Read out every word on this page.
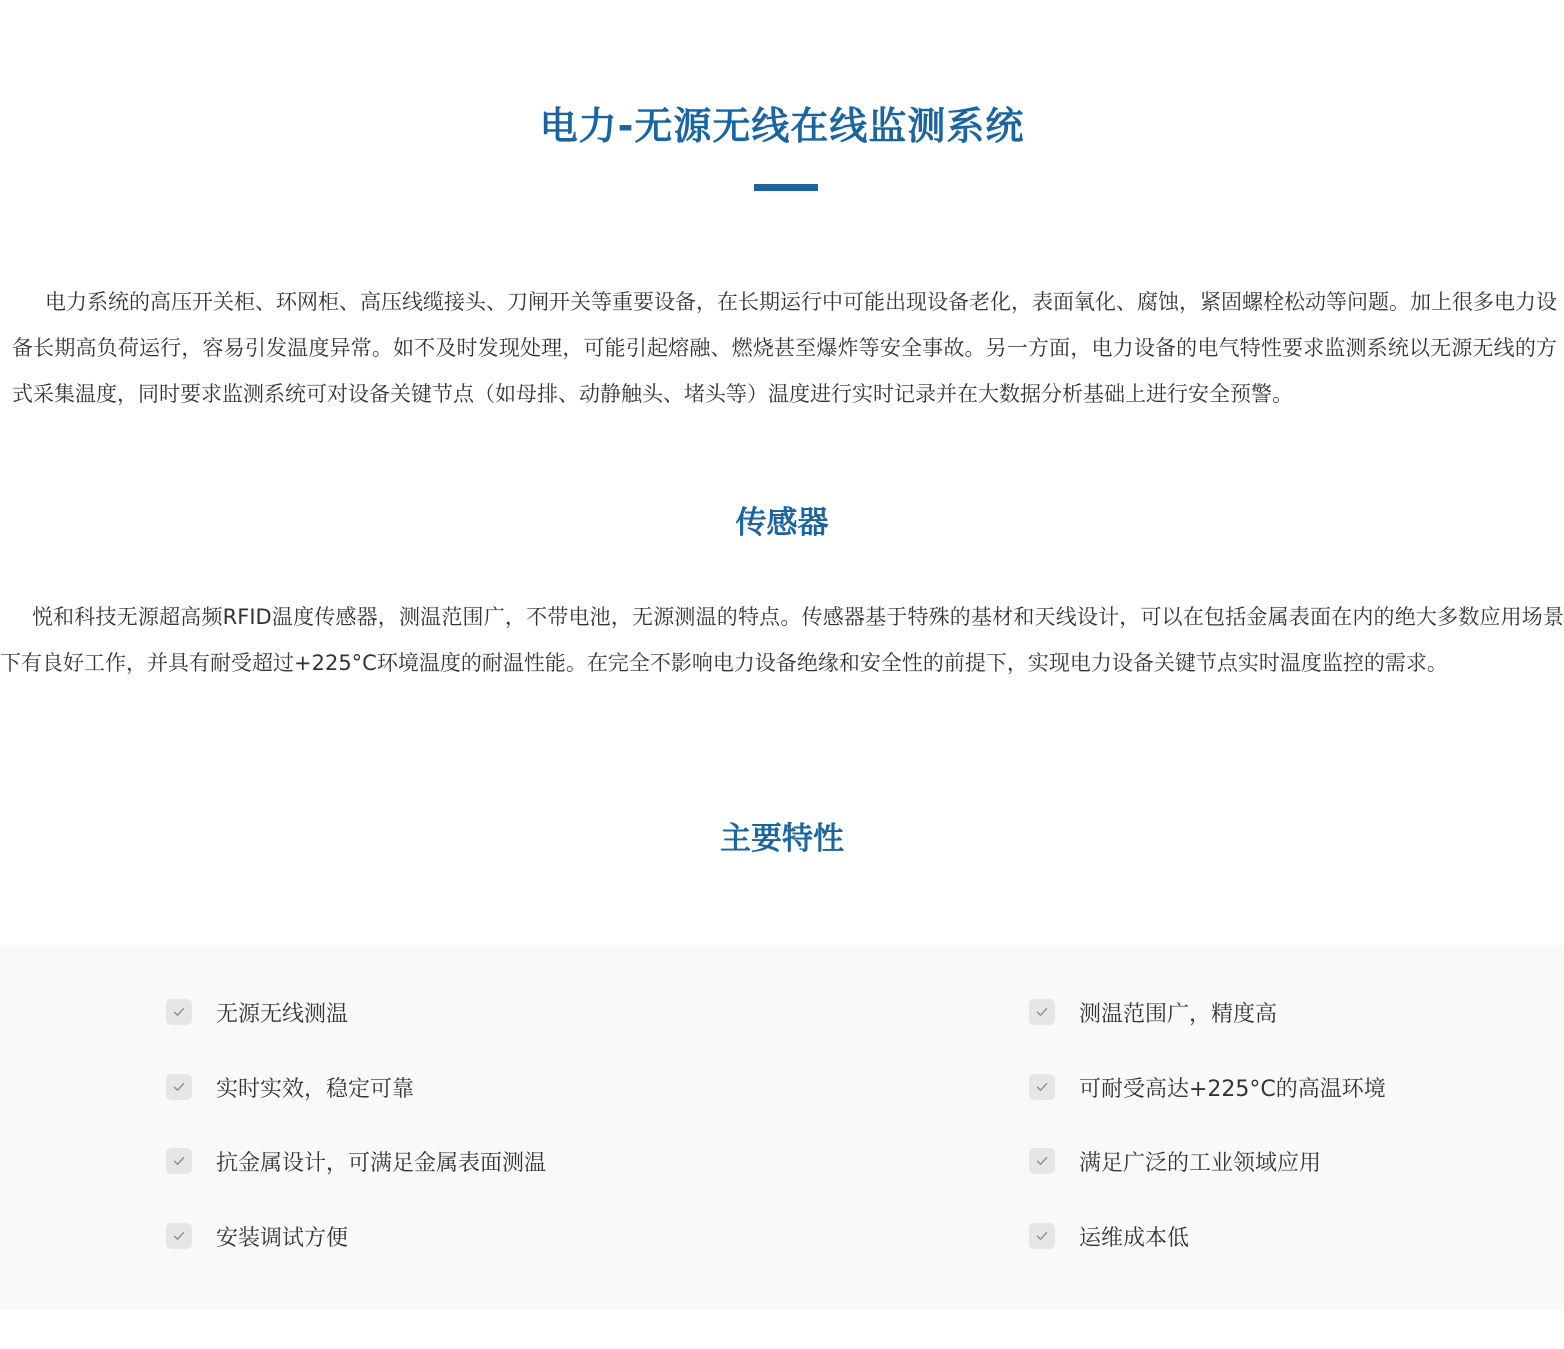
电力-无源无线在线监测系统

电力系统的高压开关柜、环网柜、高压线缆接头、刀闸开关等重要设备，在长期运行中可能出现设备老化，表面氧化、腐蚀，紧固螺栓松动等问题。加上很多电力设备长期高负荷运行，容易引发温度异常。如不及时发现处理，可能引起熔融、燃烧甚至爆炸等安全事故。另一方面，电力设备的电气特性要求监测系统以无源无线的方式采集温度，同时要求监测系统可对设备关键节点（如母排、动静触头、堵头等）温度进行实时记录并在大数据分析基础上进行安全预警。

传感器

悦和科技无源超高频RFID温度传感器，测温范围广，不带电池，无源测温的特点。传感器基于特殊的基材和天线设计，可以在包括金属表面在内的绝大多数应用场景下有良好工作，并具有耐受超过+225°C环境温度的耐温性能。在完全不影响电力设备绝缘和安全性的前提下，实现电力设备关键节点实时温度监控的需求。

主要特性
无源无线测温
实时实效，稳定可靠
抗金属设计，可满足金属表面测温
安装调试方便
测温范围广，精度高
可耐受高达+225°C的高温环境
满足广泛的工业领域应用
运维成本低
